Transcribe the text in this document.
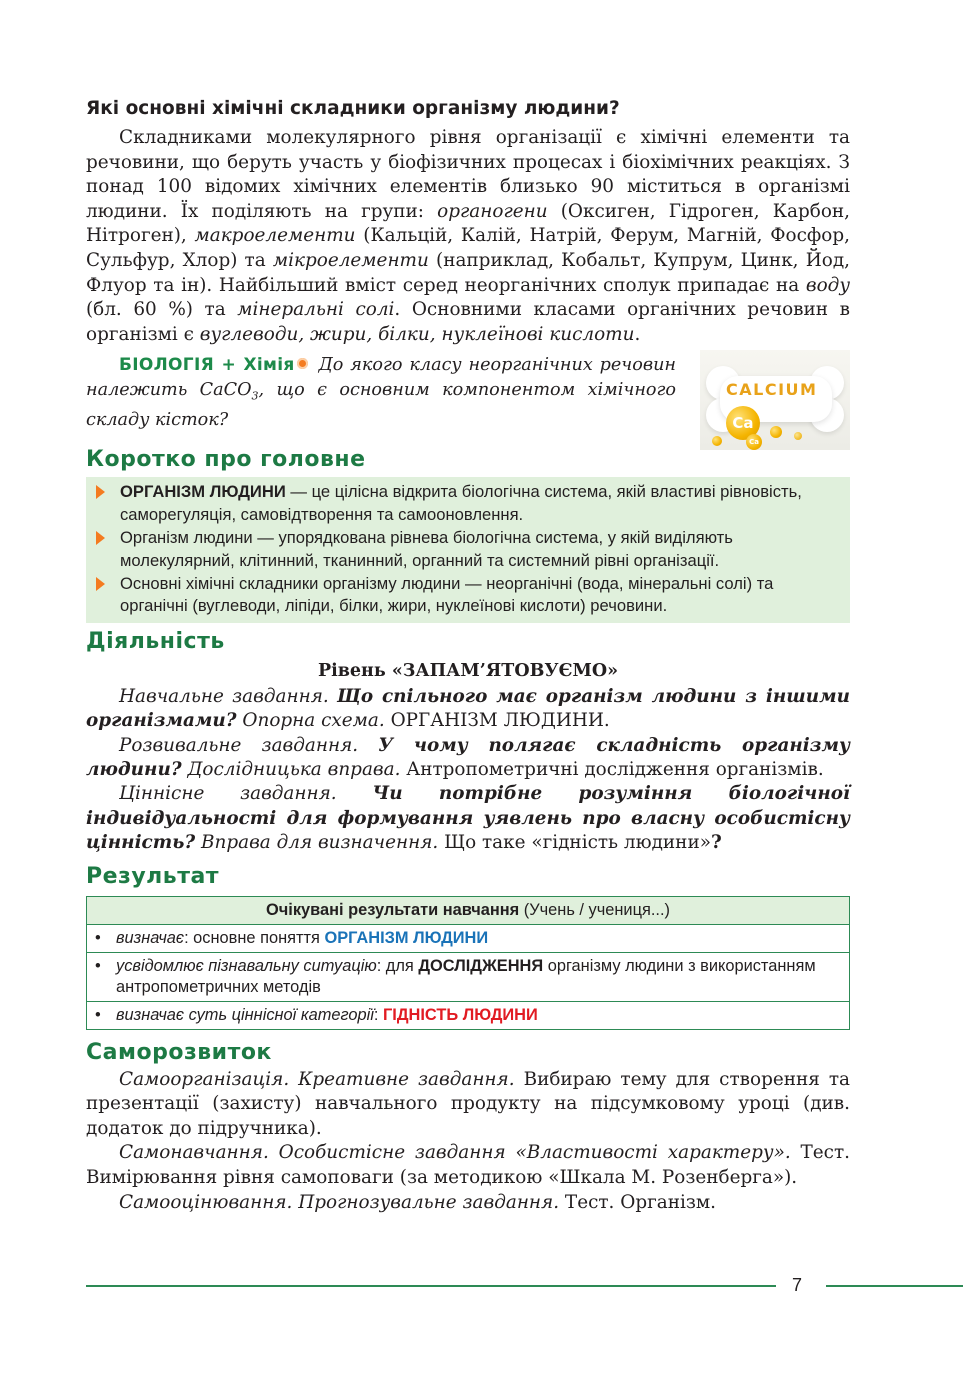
Які основні хімічні складники організму людини?

Складниками молекулярного рівня організації є хімічні елементи та речовини, що беруть участь у біофізичних процесах і біохімічних реакціях. З понад 100 відомих хімічних елементів близько 90 міститься в організмі людини. Їх поділяють на групи: органогени (Оксиген, Гідроген, Карбон, Нітроген), макроелементи (Кальцій, Калій, Натрій, Ферум, Магній, Фосфор, Сульфур, Хлор) та мікроелементи (наприклад, Кобальт, Купрум, Цинк, Йод, Флуор та ін). Найбільший вміст серед неорганічних сполук припадає на воду (бл. 60 %) та мінеральні солі. Основними класами органічних речовин в організмі є вуглеводи, жири, білки, нуклеїнові кислоти.

БІОЛОГІЯ + Хімія До якого класу неорганічних речовин належить CaCO$_3$, що є основним компонентом хімічного складу кісток?

CALCIUM
Ca
Ca
Коротко про головне
ОРГАНІЗМ ЛЮДИНИ — це цілісна відкрита біологічна система, якій властиві рівновість, саморегуляція, самовідтворення та самооновлення.
Організм людини — упорядкована рівнева біологічна система, у якій виділяють молекулярний, клітинний, тканинний, органний та системний рівні організації.
Основні хімічні складники організму людини — неорганічні (вода, мінеральні солі) та органічні (вуглеводи, ліпіди, білки, жири, нуклеїнові кислоти) речовини.
Діяльність
Рівень «ЗАПАМ’ЯТОВУЄМО»

Навчальне завдання. Що спільного має організм людини з іншими організмами? Опорна схема. ОРГАНІЗМ ЛЮДИНИ.

Розвивальне завдання. У чому полягає складність організму людини? Дослідницька вправа. Антропометричні дослідження організмів.

Ціннісне завдання. Чи потрібне розуміння біологічної індивідуальності для формування уявлень про власну особистісну цінність? Вправа для визначення. Що таке «гідність людини»?

Результат
Очікувані результати навчання (Учень / учениця...)

• визначає: основне поняття ОРГАНІЗМ ЛЮДИНИ

• усвідомлює пізнавальну ситуацію: для ДОСЛІДЖЕННЯ організму людини з використанням антропометричних методів

• визначає суть ціннісної категорії: ГІДНІСТЬ ЛЮДИНИ
Саморозвиток

Самоорганізація. Креативне завдання. Вибираю тему для створення та презентації (захисту) навчального продукту на підсумковому уроці (див. додаток до підручника).

Самонавчання. Особистісне завдання «Властивості характеру». Тест. Вимірювання рівня самоповаги (за методикою «Шкала М. Розенберга»).

Самооцінювання. Прогнозувальне завдання. Тест. Організм.

7
